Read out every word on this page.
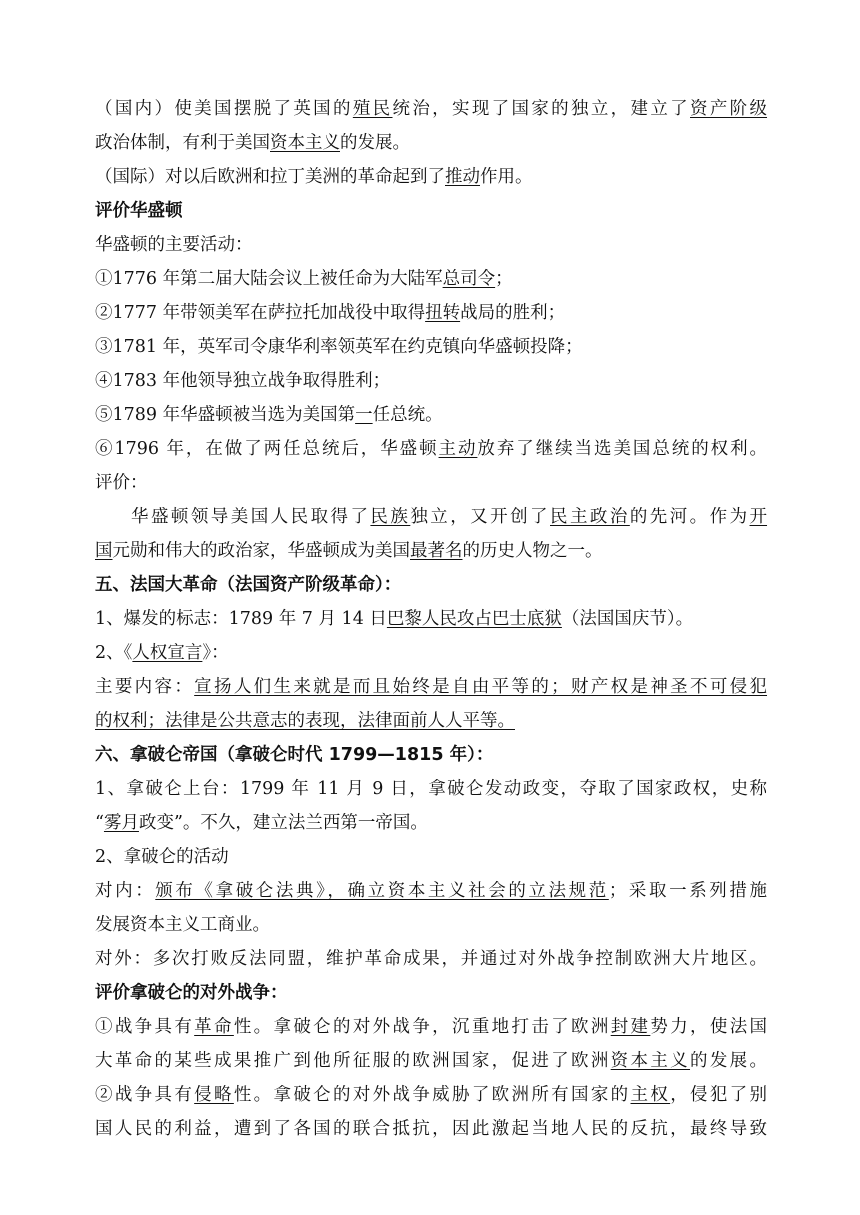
（国内）使美国摆脱了英国的殖民统治，实现了国家的独立，建立了资产阶级
政治体制，有利于美国资本主义的发展。
（国际）对以后欧洲和拉丁美洲的革命起到了推动作用。
评价华盛顿
华盛顿的主要活动：
①1776 年第二届大陆会议上被任命为大陆军总司令；
②1777 年带领美军在萨拉托加战役中取得扭转战局的胜利；
③1781 年，英军司令康华利率领英军在约克镇向华盛顿投降；
④1783 年他领导独立战争取得胜利；
⑤1789 年华盛顿被当选为美国第一任总统。
⑥1796 年，在做了两任总统后，华盛顿主动放弃了继续当选美国总统的权利。
评价：
华盛顿领导美国人民取得了民族独立，又开创了民主政治的先河。作为开
国元勋和伟大的政治家，华盛顿成为美国最著名的历史人物之一。
五、法国大革命（法国资产阶级革命）：
1、爆发的标志：1789 年 7 月 14 日巴黎人民攻占巴士底狱（法国国庆节）。
2、《人权宣言》：
主要内容：宣扬人们生来就是而且始终是自由平等的；财产权是神圣不可侵犯
的权利；法律是公共意志的表现，法律面前人人平等。
六、拿破仑帝国（拿破仑时代 1799—1815 年）：
1、拿破仑上台：1799 年 11 月 9 日，拿破仑发动政变，夺取了国家政权，史称
“雾月政变”。不久，建立法兰西第一帝国。
2、拿破仑的活动
对内：颁布《拿破仑法典》，确立资本主义社会的立法规范；采取一系列措施
发展资本主义工商业。
对外：多次打败反法同盟，维护革命成果，并通过对外战争控制欧洲大片地区。
评价拿破仑的对外战争：
①战争具有革命性。拿破仑的对外战争，沉重地打击了欧洲封建势力，使法国
大革命的某些成果推广到他所征服的欧洲国家，促进了欧洲资本主义的发展。
②战争具有侵略性。拿破仑的对外战争威胁了欧洲所有国家的主权，侵犯了别
国人民的利益，遭到了各国的联合抵抗，因此激起当地人民的反抗，最终导致
